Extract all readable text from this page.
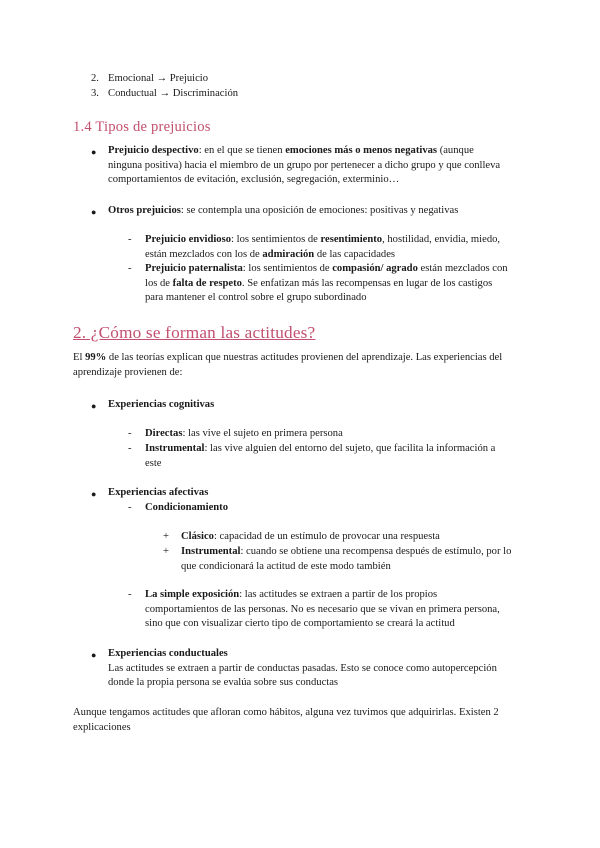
2. Emocional → Prejuicio
3. Conductual → Discriminación
1.4 Tipos de prejuicios
● Prejuicio despectivo: en el que se tienen emociones más o menos negativas (aunque
ninguna positiva) hacia el miembro de un grupo por pertenecer a dicho grupo y que conlleva
comportamientos de evitación, exclusión, segregación, exterminio…
● Otros prejuicios: se contempla una oposición de emociones: positivas y negativas
- Prejuicio envidioso: los sentimientos de resentimiento, hostilidad, envidia, miedo,
están mezclados con los de admiración de las capacidades
- Prejuicio paternalista: los sentimientos de compasión/ agrado están mezclados con
los de falta de respeto. Se enfatizan más las recompensas en lugar de los castigos
para mantener el control sobre el grupo subordinado
2. ¿Cómo se forman las actitudes?
El 99% de las teorías explican que nuestras actitudes provienen del aprendizaje. Las experiencias del
aprendizaje provienen de:
● Experiencias cognitivas
- Directas: las vive el sujeto en primera persona
- Instrumental: las vive alguien del entorno del sujeto, que facilita la información a
este
● Experiencias afectivas
- Condicionamiento
+ Clásico: capacidad de un estímulo de provocar una respuesta
+ Instrumental: cuando se obtiene una recompensa después de estímulo, por lo
que condicionará la actitud de este modo también
- La simple exposición: las actitudes se extraen a partir de los propios
comportamientos de las personas. No es necesario que se vivan en primera persona,
sino que con visualizar cierto tipo de comportamiento se creará la actitud
● Experiencias conductuales
Las actitudes se extraen a partir de conductas pasadas. Esto se conoce como autopercepción
donde la propia persona se evalúa sobre sus conductas
Aunque tengamos actitudes que afloran como hábitos, alguna vez tuvimos que adquirirlas. Existen 2
explicaciones
